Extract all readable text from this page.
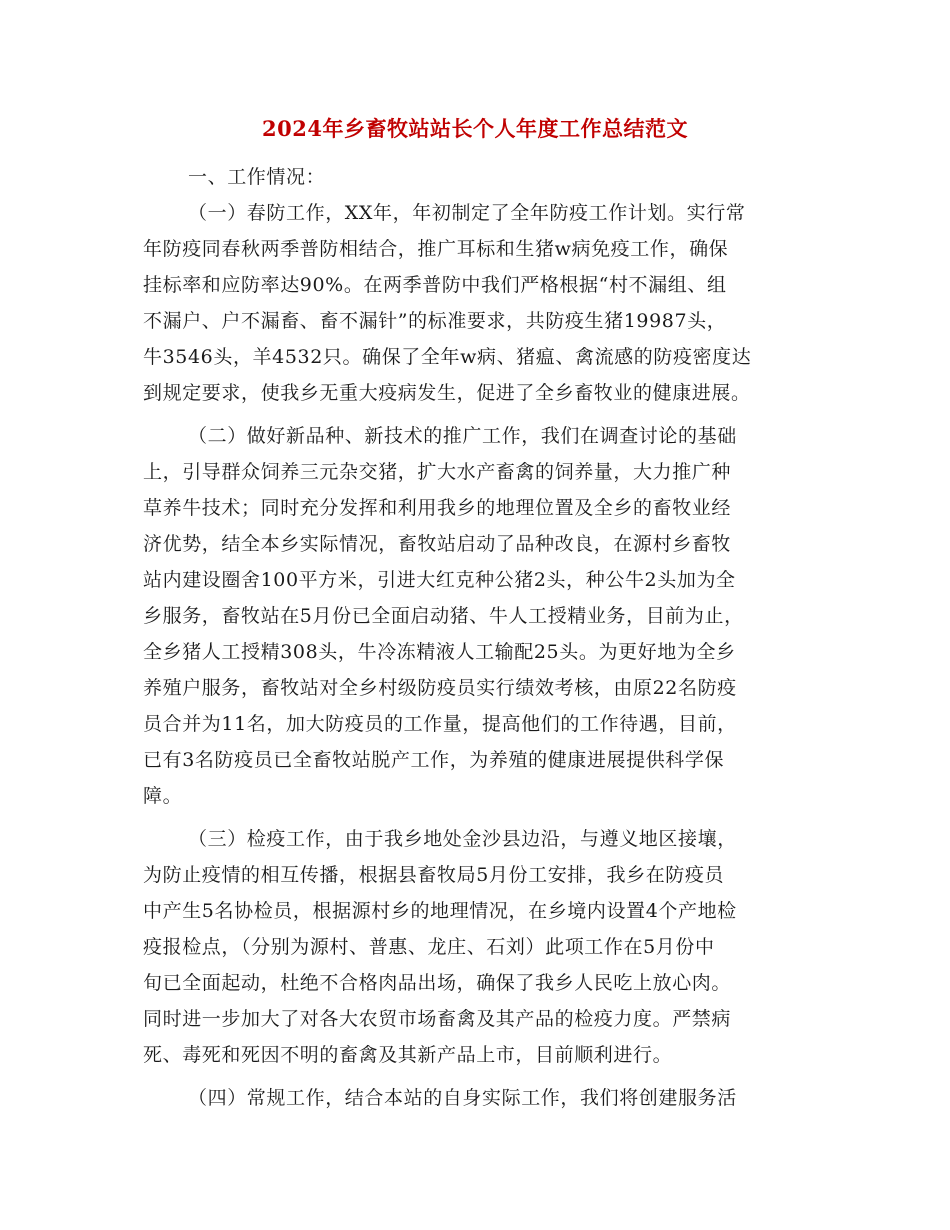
2024年乡畜牧站站长个人年度工作总结范文

一、工作情况：

（一）春防工作，XX年，年初制定了全年防疫工作计划。实行常

年防疫同春秋两季普防相结合，推广耳标和生猪w病免疫工作，确保

挂标率和应防率达90%。在两季普防中我们严格根据“村不漏组、组

不漏户、户不漏畜、畜不漏针”的标准要求，共防疫生猪19987头，

牛3546头，羊4532只。确保了全年w病、猪瘟、禽流感的防疫密度达

到规定要求，使我乡无重大疫病发生，促进了全乡畜牧业的健康进展。

（二）做好新品种、新技术的推广工作，我们在调查讨论的基础

上，引导群众饲养三元杂交猪，扩大水产畜禽的饲养量，大力推广种

草养牛技术；同时充分发挥和利用我乡的地理位置及全乡的畜牧业经

济优势，结全本乡实际情况，畜牧站启动了品种改良，在源村乡畜牧

站内建设圈舍100平方米，引进大红克种公猪2头，种公牛2头加为全

乡服务，畜牧站在5月份已全面启动猪、牛人工授精业务，目前为止，

全乡猪人工授精308头，牛冷冻精液人工输配25头。为更好地为全乡

养殖户服务，畜牧站对全乡村级防疫员实行绩效考核，由原22名防疫

员合并为11名，加大防疫员的工作量，提高他们的工作待遇，目前，

已有3名防疫员已全畜牧站脱产工作，为养殖的健康进展提供科学保

障。

（三）检疫工作，由于我乡地处金沙县边沿，与遵义地区接壤，

为防止疫情的相互传播，根据县畜牧局5月份工安排，我乡在防疫员

中产生5名协检员，根据源村乡的地理情况，在乡境内设置4个产地检

疫报检点，（分别为源村、普惠、龙庄、石刘）此项工作在5月份中

旬已全面起动，杜绝不合格肉品出场，确保了我乡人民吃上放心肉。

同时进一步加大了对各大农贸市场畜禽及其产品的检疫力度。严禁病

死、毒死和死因不明的畜禽及其新产品上市，目前顺利进行。

（四）常规工作，结合本站的自身实际工作，我们将创建服务活
